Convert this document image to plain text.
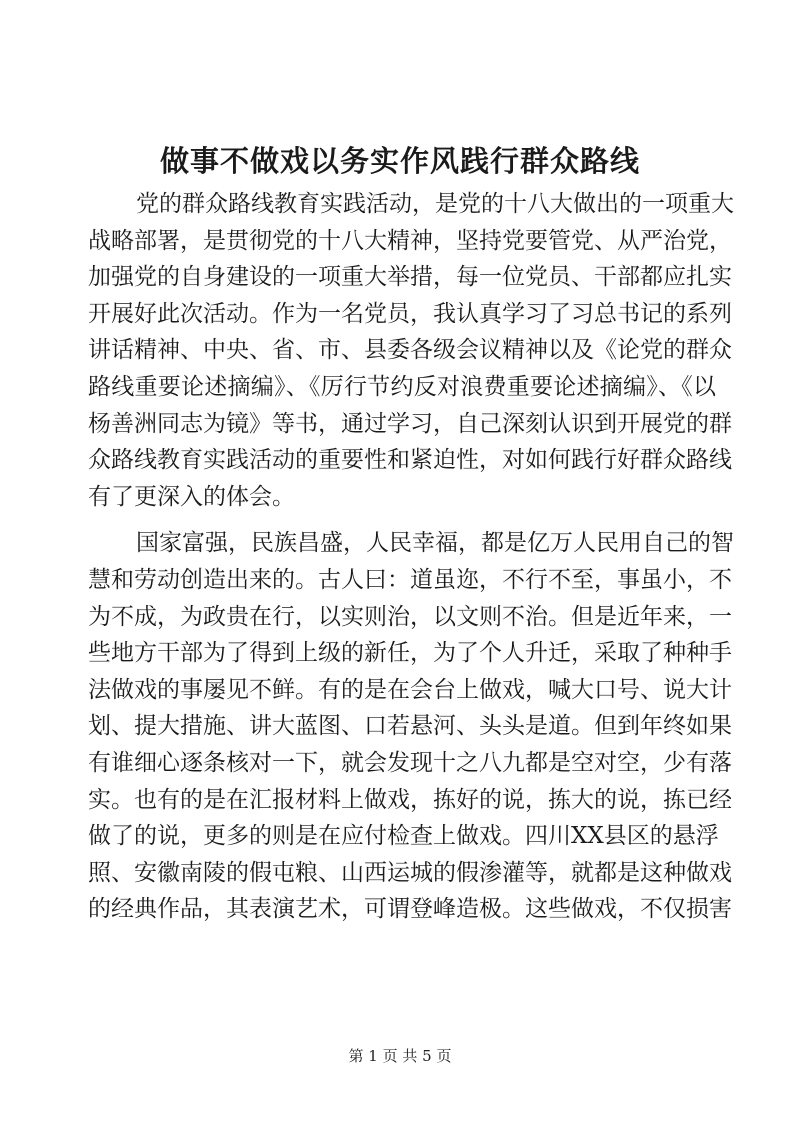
做事不做戏以务实作风践行群众路线
党的群众路线教育实践活动，是党的十八大做出的一项重大
战略部署，是贯彻党的十八大精神，坚持党要管党、从严治党，
加强党的自身建设的一项重大举措，每一位党员、干部都应扎实
开展好此次活动。作为一名党员，我认真学习了习总书记的系列
讲话精神、中央、省、市、县委各级会议精神以及《论党的群众
路线重要论述摘编》、《厉行节约反对浪费重要论述摘编》、《以
杨善洲同志为镜》等书，通过学习，自己深刻认识到开展党的群
众路线教育实践活动的重要性和紧迫性，对如何践行好群众路线
有了更深入的体会。
国家富强，民族昌盛，人民幸福，都是亿万人民用自己的智
慧和劳动创造出来的。古人曰：道虽迩，不行不至，事虽小，不
为不成，为政贵在行，以实则治，以文则不治。但是近年来，一
些地方干部为了得到上级的新任，为了个人升迁，采取了种种手
法做戏的事屡见不鲜。有的是在会台上做戏，喊大口号、说大计
划、提大措施、讲大蓝图、口若悬河、头头是道。但到年终如果
有谁细心逐条核对一下，就会发现十之八九都是空对空，少有落
实。也有的是在汇报材料上做戏，拣好的说，拣大的说，拣已经
做了的说，更多的则是在应付检查上做戏。四川XX县区的悬浮
照、安徽南陵的假屯粮、山西运城的假渗灌等，就都是这种做戏
的经典作品，其表演艺术，可谓登峰造极。这些做戏，不仅损害
第 1 页 共 5 页
